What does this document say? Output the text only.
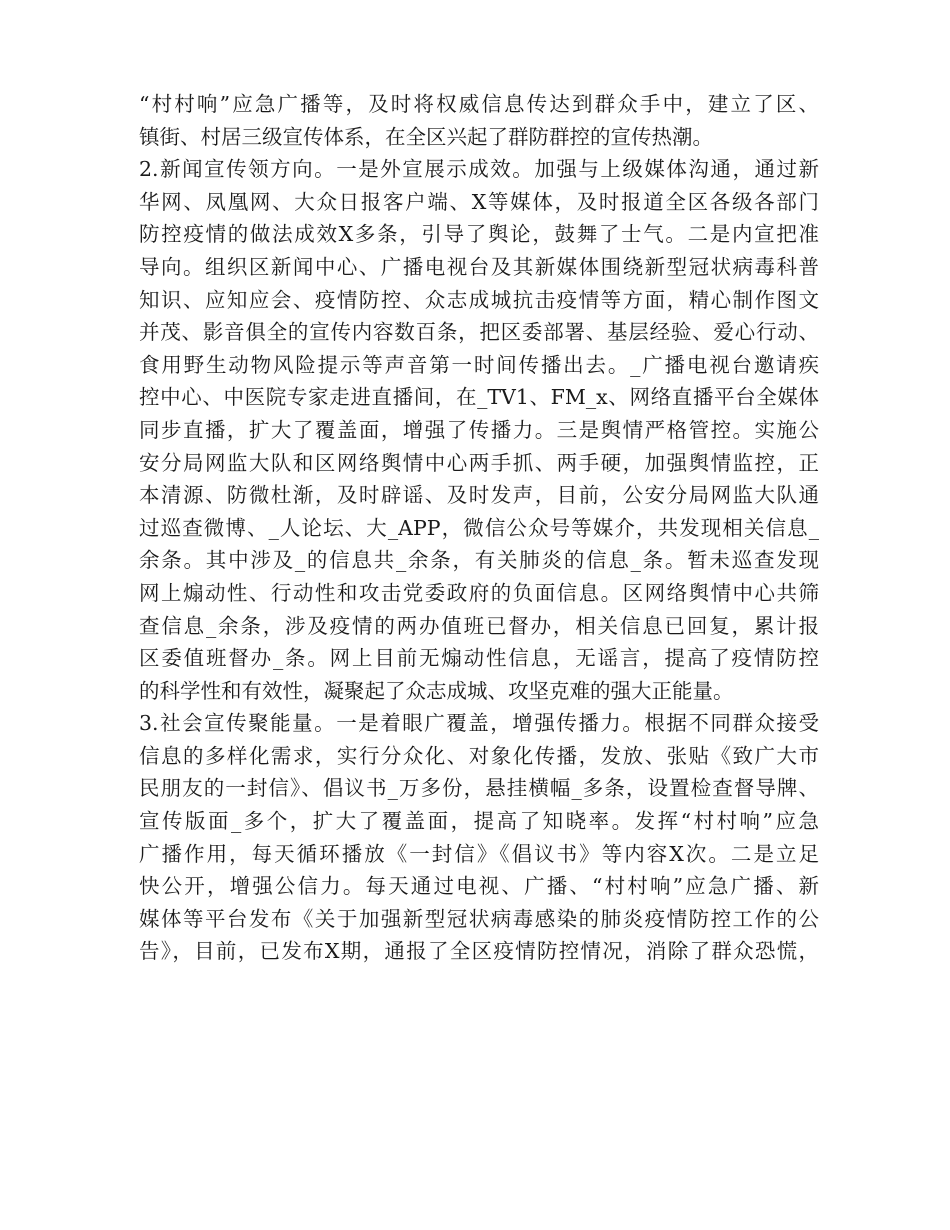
“村村响”应急广播等，及时将权威信息传达到群众手中，建立了区、
镇街、村居三级宣传体系，在全区兴起了群防群控的宣传热潮。
2.新闻宣传领方向。一是外宣展示成效。加强与上级媒体沟通，通过新
华网、凤凰网、大众日报客户端、X等媒体，及时报道全区各级各部门
防控疫情的做法成效X多条，引导了舆论，鼓舞了士气。二是内宣把准
导向。组织区新闻中心、广播电视台及其新媒体围绕新型冠状病毒科普
知识、应知应会、疫情防控、众志成城抗击疫情等方面，精心制作图文
并茂、影音俱全的宣传内容数百条，把区委部署、基层经验、爱心行动、
食用野生动物风险提示等声音第一时间传播出去。_广播电视台邀请疾
控中心、中医院专家走进直播间，在_TV1、FM_x、网络直播平台全媒体
同步直播，扩大了覆盖面，增强了传播力。三是舆情严格管控。实施公
安分局网监大队和区网络舆情中心两手抓、两手硬，加强舆情监控，正
本清源、防微杜渐，及时辟谣、及时发声，目前，公安分局网监大队通
过巡查微博、_人论坛、大_APP，微信公众号等媒介，共发现相关信息_
余条。其中涉及_的信息共_余条，有关肺炎的信息_条。暂未巡查发现
网上煽动性、行动性和攻击党委政府的负面信息。区网络舆情中心共筛
查信息_余条，涉及疫情的两办值班已督办，相关信息已回复，累计报
区委值班督办_条。网上目前无煽动性信息，无谣言，提高了疫情防控
的科学性和有效性，凝聚起了众志成城、攻坚克难的强大正能量。
3.社会宣传聚能量。一是着眼广覆盖，增强传播力。根据不同群众接受
信息的多样化需求，实行分众化、对象化传播，发放、张贴《致广大市
民朋友的一封信》、倡议书_万多份，悬挂横幅_多条，设置检查督导牌、
宣传版面_多个，扩大了覆盖面，提高了知晓率。发挥“村村响”应急
广播作用，每天循环播放《一封信》《倡议书》等内容X次。二是立足
快公开，增强公信力。每天通过电视、广播、“村村响”应急广播、新
媒体等平台发布《关于加强新型冠状病毒感染的肺炎疫情防控工作的公
告》，目前，已发布X期，通报了全区疫情防控情况，消除了群众恐慌，
